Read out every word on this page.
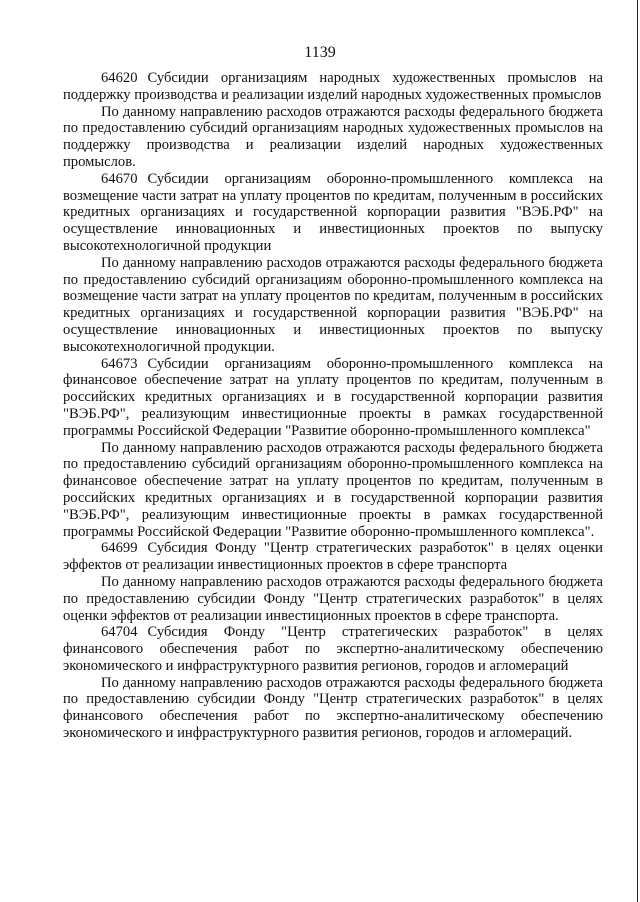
1139

64620 Субсидии организациям народных художественных промыслов на поддержку производства и реализации изделий народных художественных промыслов

По данному направлению расходов отражаются расходы федерального бюджета по предоставлению субсидий организациям народных художественных промыслов на поддержку производства и реализации изделий народных художественных промыслов.

64670 Субсидии организациям оборонно-промышленного комплекса на возмещение части затрат на уплату процентов по кредитам, полученным в российских кредитных организациях и государственной корпорации развития "ВЭБ.РФ" на осуществление инновационных и инвестиционных проектов по выпуску высокотехнологичной продукции

По данному направлению расходов отражаются расходы федерального бюджета по предоставлению субсидий организациям оборонно-промышленного комплекса на возмещение части затрат на уплату процентов по кредитам, полученным в российских кредитных организациях и государственной корпорации развития "ВЭБ.РФ" на осуществление инновационных и инвестиционных проектов по выпуску высокотехнологичной продукции.

64673 Субсидии организациям оборонно-промышленного комплекса на финансовое обеспечение затрат на уплату процентов по кредитам, полученным в российских кредитных организациях и в государственной корпорации развития "ВЭБ.РФ", реализующим инвестиционные проекты в рамках государственной программы Российской Федерации "Развитие оборонно-промышленного комплекса"

По данному направлению расходов отражаются расходы федерального бюджета по предоставлению субсидий организациям оборонно-промышленного комплекса на финансовое обеспечение затрат на уплату процентов по кредитам, полученным в российских кредитных организациях и в государственной корпорации развития "ВЭБ.РФ", реализующим инвестиционные проекты в рамках государственной программы Российской Федерации "Развитие оборонно-промышленного комплекса".

64699 Субсидия Фонду "Центр стратегических разработок" в целях оценки эффектов от реализации инвестиционных проектов в сфере транспорта

По данному направлению расходов отражаются расходы федерального бюджета по предоставлению субсидии Фонду "Центр стратегических разработок" в целях оценки эффектов от реализации инвестиционных проектов в сфере транспорта.

64704 Субсидия Фонду "Центр стратегических разработок" в целях финансового обеспечения работ по экспертно-аналитическому обеспечению экономического и инфраструктурного развития регионов, городов и агломераций

По данному направлению расходов отражаются расходы федерального бюджета по предоставлению субсидии Фонду "Центр стратегических разработок" в целях финансового обеспечения работ по экспертно-аналитическому обеспечению экономического и инфраструктурного развития регионов, городов и агломераций.
